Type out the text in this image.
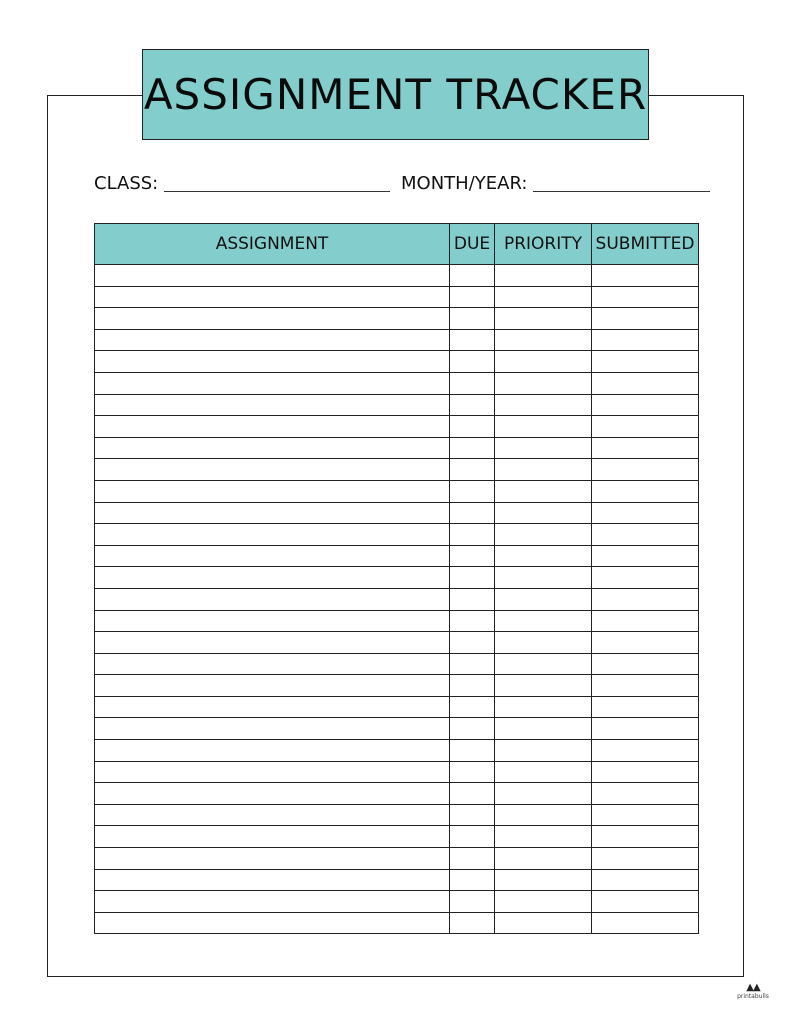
ASSIGNMENT TRACKER
CLASS:	MONTH/YEAR:
ASSIGNMENT	DUE	PRIORITY	SUBMITTED

▲▲
printabulls
